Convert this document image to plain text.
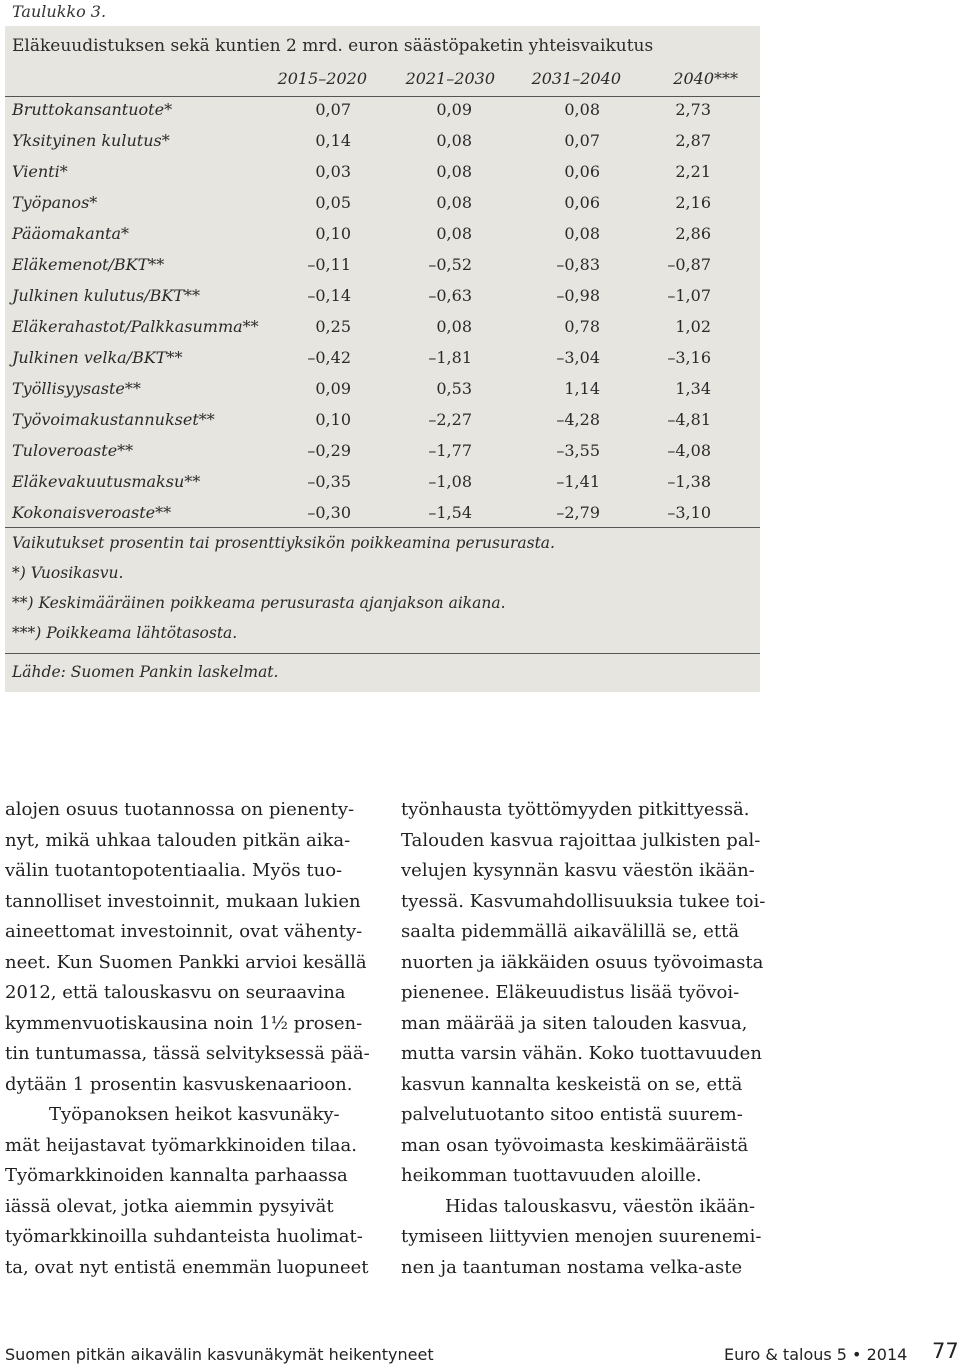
Taulukko 3.
Eläkeuudistuksen sekä kuntien 2 mrd. euron säästöpaketin yhteisvaikutus
2015–2020 2021–2030 2031–2040	2040***
Bruttokansantuote*	0,07	0,09	0,08	2,73
Yksityinen kulutus*	0,14	0,08	0,07	2,87
Vienti*	0,03	0,08	0,06	2,21
Työpanos*	0,05	0,08	0,06	2,16
Pääomakanta*	0,10	0,08	0,08	2,86
Eläkemenot/BKT**	–0,11	–0,52	–0,83	–0,87
Julkinen kulutus/BKT**	–0,14	–0,63	–0,98	–1,07
Eläkerahastot/Palkkasumma**	0,25	0,08	0,78	1,02
Julkinen velka/BKT**	–0,42	–1,81	–3,04	–3,16
Työllisyysaste**	0,09	0,53	1,14	1,34
Työvoimakustannukset**	0,10	–2,27	–4,28	–4,81
Tuloveroaste**	–0,29	–1,77	–3,55	–4,08
Eläkevakuutusmaksu**	–0,35	–1,08	–1,41	–1,38
Kokonaisveroaste**	–0,30	–1,54	–2,79	–3,10
Vaikutukset prosentin tai prosenttiyksikön poikkeamina perusurasta.
*) Vuosikasvu.
**) Keskimääräinen poikkeama perusurasta ajanjakson aikana.
***) Poikkeama lähtötasosta.
Lähde: Suomen Pankin laskelmat.
alojen osuus tuotannossa on pienenty-
nyt, mikä uhkaa talouden pitkän aika-
välin tuotantopotentiaalia. Myös tuo-
tannolliset investoinnit, mukaan lukien
aineettomat investoinnit, ovat vähenty-
neet. Kun Suomen Pankki arvioi kesällä
2012, että talouskasvu on seuraavina
kymmenvuotiskausina noin 1½ prosen-
tin tuntumassa, tässä selvityksessä pää-
dytään 1 prosentin kasvuskenaarioon.
Työpanoksen heikot kasvunäky-
mät heijastavat työmarkkinoiden tilaa.
Työmarkkinoiden kannalta parhaassa
iässä olevat, jotka aiemmin pysyivät
työmarkkinoilla suhdanteista huolimat-
ta, ovat nyt entistä enemmän luopuneet
työnhausta työttömyyden pitkittyessä.
Talouden kasvua rajoittaa julkisten pal-
velujen kysynnän kasvu väestön ikään-
tyessä. Kasvumahdollisuuksia tukee toi-
saalta pidemmällä aikavälillä se, että
nuorten ja iäkkäiden osuus työvoimasta
pienenee. Eläkeuudistus lisää työvoi-
man määrää ja siten talouden kasvua,
mutta varsin vähän. Koko tuottavuuden
kasvun kannalta keskeistä on se, että
palvelutuotanto sitoo entistä suurem-
man osan työvoimasta keskimääräistä
heikomman tuottavuuden aloille.
Hidas talouskasvu, väestön ikään-
tymiseen liittyvien menojen suurenemi-
nen ja taantuman nostama velka-aste
Suomen pitkän aikavälin kasvunäkymät heikentyneet	Euro & talous 5 • 2014 77
